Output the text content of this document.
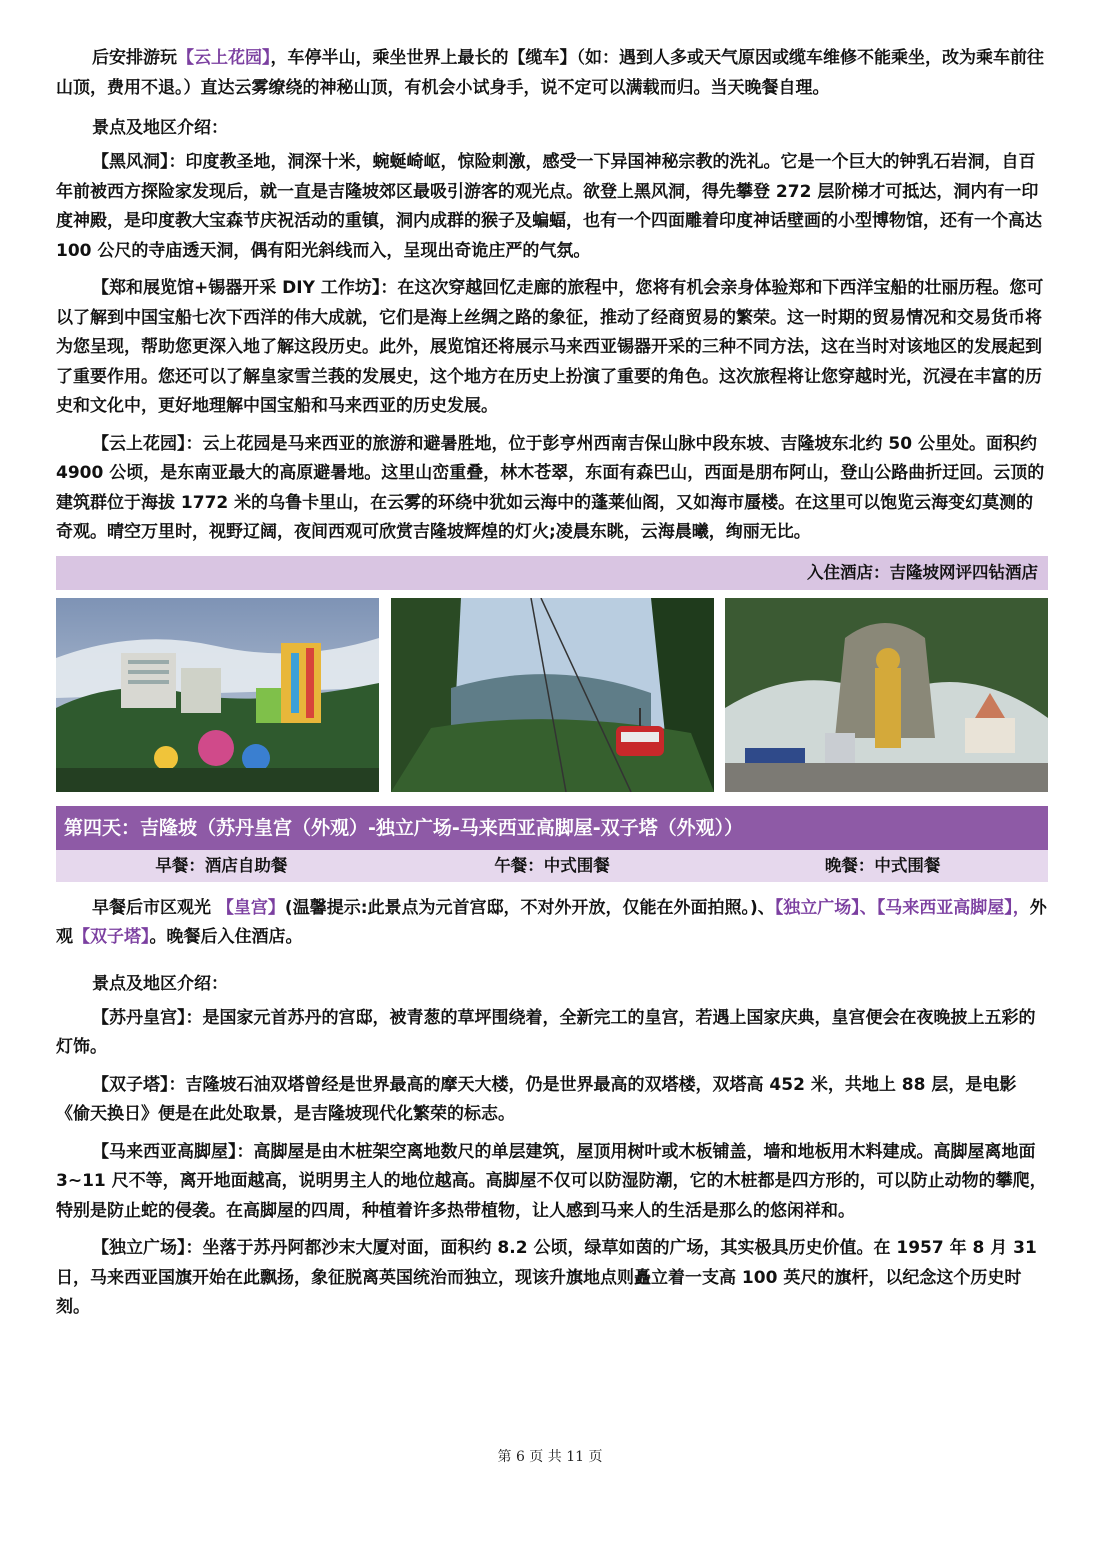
后安排游玩【云上花园】，车停半山，乘坐世界上最长的【缆车】（如：遇到人多或天气原因或缆车维修不能乘坐，改为乘车前往山顶，费用不退。）直达云雾缭绕的神秘山顶，有机会小试身手，说不定可以满载而归。当天晚餐自理。

景点及地区介绍：

【黑风洞】：印度教圣地，洞深十米，蜿蜒崎岖，惊险刺激，感受一下异国神秘宗教的洗礼。它是一个巨大的钟乳石岩洞，自百年前被西方探险家发现后，就一直是吉隆坡郊区最吸引游客的观光点。欲登上黑风洞，得先攀登 272 层阶梯才可抵达，洞内有一印度神殿，是印度教大宝森节庆祝活动的重镇，洞内成群的猴子及蝙蝠，也有一个四面雕着印度神话壁画的小型博物馆，还有一个高达 100 公尺的寺庙透天洞，偶有阳光斜线而入，呈现出奇诡庄严的气氛。

【郑和展览馆+锡器开采 DIY 工作坊】：在这次穿越回忆走廊的旅程中，您将有机会亲身体验郑和下西洋宝船的壮丽历程。您可以了解到中国宝船七次下西洋的伟大成就，它们是海上丝绸之路的象征，推动了经商贸易的繁荣。这一时期的贸易情况和交易货币将为您呈现，帮助您更深入地了解这段历史。此外，展览馆还将展示马来西亚锡器开采的三种不同方法，这在当时对该地区的发展起到了重要作用。您还可以了解皇家雪兰莪的发展史，这个地方在历史上扮演了重要的角色。这次旅程将让您穿越时光，沉浸在丰富的历史和文化中，更好地理解中国宝船和马来西亚的历史发展。

【云上花园】：云上花园是马来西亚的旅游和避暑胜地，位于彭亨州西南吉保山脉中段东坡、吉隆坡东北约 50 公里处。面积约 4900 公顷，是东南亚最大的高原避暑地。这里山峦重叠，林木苍翠，东面有森巴山，西面是朋布阿山，登山公路曲折迂回。云顶的建筑群位于海拔 1772 米的乌鲁卡里山，在云雾的环绕中犹如云海中的蓬莱仙阁，又如海市蜃楼。在这里可以饱览云海变幻莫测的奇观。晴空万里时，视野辽阔，夜间西观可欣赏吉隆坡辉煌的灯火;凌晨东眺，云海晨曦，绚丽无比。

入住酒店：吉隆坡网评四钻酒店
第四天：吉隆坡（苏丹皇宫（外观）-独立广场-马来西亚高脚屋-双子塔（外观））
早餐：酒店自助餐	午餐：中式围餐	晚餐：中式围餐

早餐后市区观光 【皇宫】(温馨提示:此景点为元首宫邸，不对外开放，仅能在外面拍照。)、【独立广场】、【马来西亚高脚屋】，外观【双子塔】。晚餐后入住酒店。

景点及地区介绍：

【苏丹皇宫】：是国家元首苏丹的宫邸，被青葱的草坪围绕着，全新完工的皇宫，若遇上国家庆典，皇宫便会在夜晚披上五彩的灯饰。

【双子塔】：吉隆坡石油双塔曾经是世界最高的摩天大楼，仍是世界最高的双塔楼，双塔高 452 米，共地上 88 层，是电影《偷天换日》便是在此处取景，是吉隆坡现代化繁荣的标志。

【马来西亚高脚屋】：高脚屋是由木桩架空离地数尺的单层建筑，屋顶用树叶或木板铺盖，墙和地板用木料建成。高脚屋离地面 3~11 尺不等，离开地面越高，说明男主人的地位越高。高脚屋不仅可以防湿防潮，它的木桩都是四方形的，可以防止动物的攀爬，特别是防止蛇的侵袭。在高脚屋的四周，种植着许多热带植物，让人感到马来人的生活是那么的悠闲祥和。

【独立广场】：坐落于苏丹阿都沙末大厦对面，面积约 8.2 公顷，绿草如茵的广场，其实极具历史价值。在 1957 年 8 月 31 日，马来西亚国旗开始在此飘扬，象征脱离英国统治而独立，现该升旗地点则矗立着一支高 100 英尺的旗杆，以纪念这个历史时刻。

第 6 页 共 11 页
